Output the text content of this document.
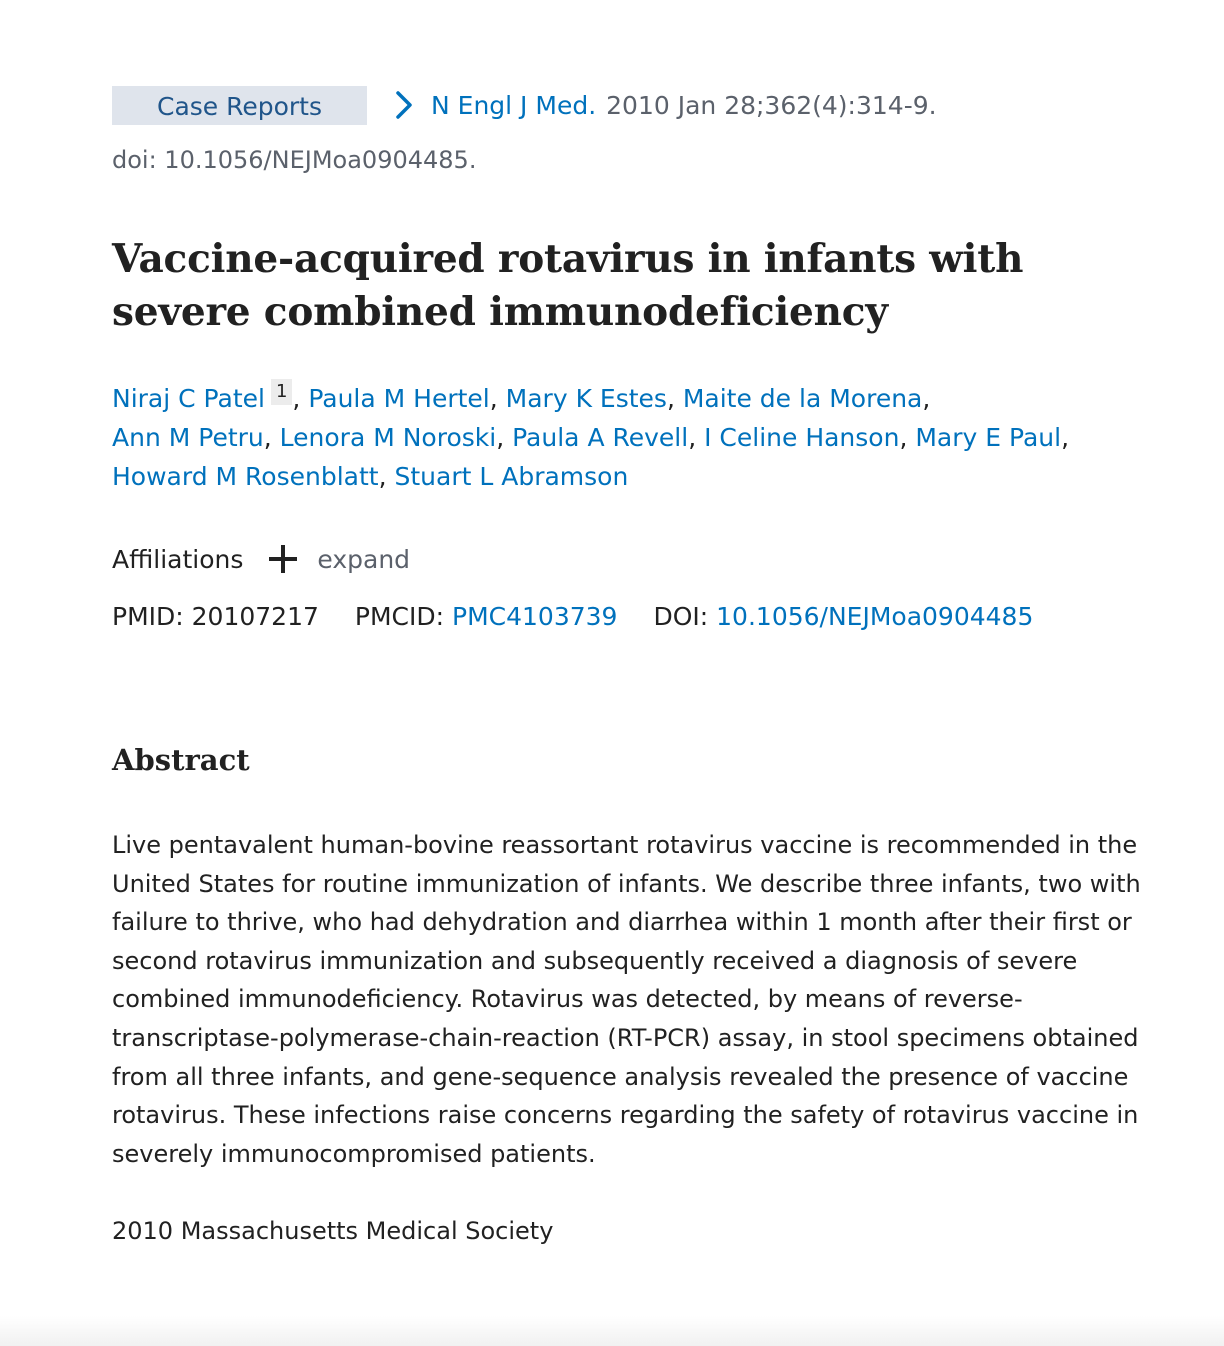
Case Reports	N Engl J Med. 2010 Jan 28;362(4):314-9.
doi: 10.1056/NEJMoa0904485.
Vaccine-acquired rotavirus in infants with severe combined immunodeficiency
Niraj C Patel 1 , Paula M Hertel, Mary K Estes, Maite de la Morena,
Ann M Petru, Lenora M Noroski, Paula A Revell, I Celine Hanson, Mary E Paul,
Howard M Rosenblatt, Stuart L Abramson
Affiliations	expand
PMID: 20107217 PMCID: PMC4103739 DOI: 10.1056/NEJMoa0904485
Abstract

Live pentavalent human-bovine reassortant rotavirus vaccine is recommended in the United States for routine immunization of infants. We describe three infants, two with failure to thrive, who had dehydration and diarrhea within 1 month after their first or second rotavirus immunization and subsequently received a diagnosis of severe combined immunodeficiency. Rotavirus was detected, by means of reverse-transcriptase-polymerase-chain-reaction (RT-PCR) assay, in stool specimens obtained from all three infants, and gene-sequence analysis revealed the presence of vaccine rotavirus. These infections raise concerns regarding the safety of rotavirus vaccine in severely immunocompromised patients.

2010 Massachusetts Medical Society
